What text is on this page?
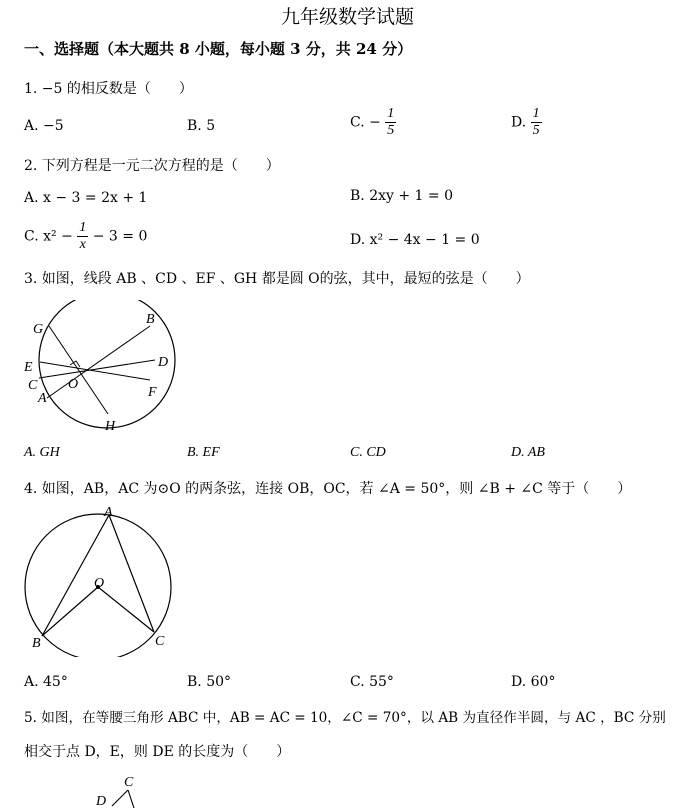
九年级数学试题
一、选择题（本大题共 8 小题，每小题 3 分，共 24 分）
1. −5 的相反数是（　　）
A. −5	B. 5	C. − $\frac{1}{5}$	D. $\frac{1}{5}$
2. 下列方程是一元二次方程的是（　　）
A. x − 3 = 2x + 1	B. 2xy + 1 = 0
C. $x^2 - \frac{1}{x} - 3 = 0$	D. x² − 4x − 1 = 0
3. 如图，线段 AB 、CD 、EF 、GH 都是圆 O的弦，其中，最短的弦是（　　）
G
B
E	D
C O
F
A
H
A. GH	B. EF	C. CD	D. AB
4. 如图，AB，AC 为⊙O 的两条弦，连接 OB，OC，若 ∠A = 50°，则 ∠B + ∠C 等于（　　）
A
O
B	C
A. 45°	B. 50°	C. 55°	D. 60°
5. 如图，在等腰三角形 ABC 中，AB = AC = 10，∠C = 70°，以 AB 为直径作半圆，与 AC ，BC 分别
相交于点 D，E，则 DE 的长度为（　　）
C
D
